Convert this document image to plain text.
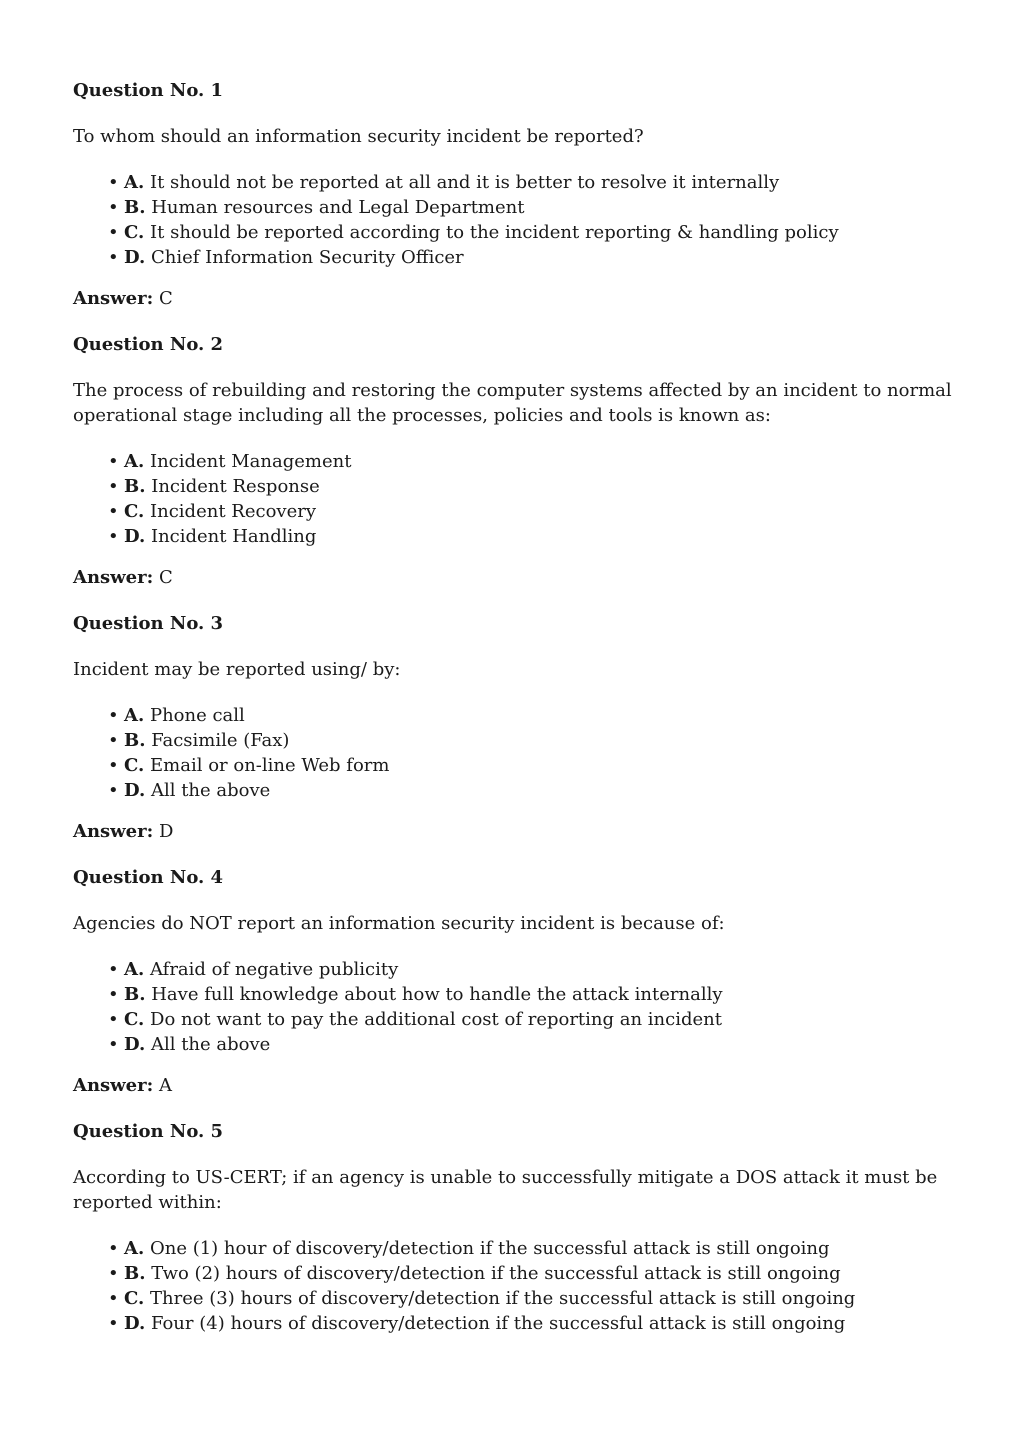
Question No. 1

To whom should an information security incident be reported?

• A. It should not be reported at all and it is better to resolve it internally
• B. Human resources and Legal Department
• C. It should be reported according to the incident reporting & handling policy
• D. Chief Information Security Officer

Answer: C

Question No. 2

The process of rebuilding and restoring the computer systems affected by an incident to normal operational stage including all the processes, policies and tools is known as:

• A. Incident Management
• B. Incident Response
• C. Incident Recovery
• D. Incident Handling

Answer: C

Question No. 3

Incident may be reported using/ by:

• A. Phone call
• B. Facsimile (Fax)
• C. Email or on-line Web form
• D. All the above

Answer: D

Question No. 4

Agencies do NOT report an information security incident is because of:

• A. Afraid of negative publicity
• B. Have full knowledge about how to handle the attack internally
• C. Do not want to pay the additional cost of reporting an incident
• D. All the above

Answer: A

Question No. 5

According to US-CERT; if an agency is unable to successfully mitigate a DOS attack it must be reported within:

• A. One (1) hour of discovery/detection if the successful attack is still ongoing
• B. Two (2) hours of discovery/detection if the successful attack is still ongoing
• C. Three (3) hours of discovery/detection if the successful attack is still ongoing
• D. Four (4) hours of discovery/detection if the successful attack is still ongoing
